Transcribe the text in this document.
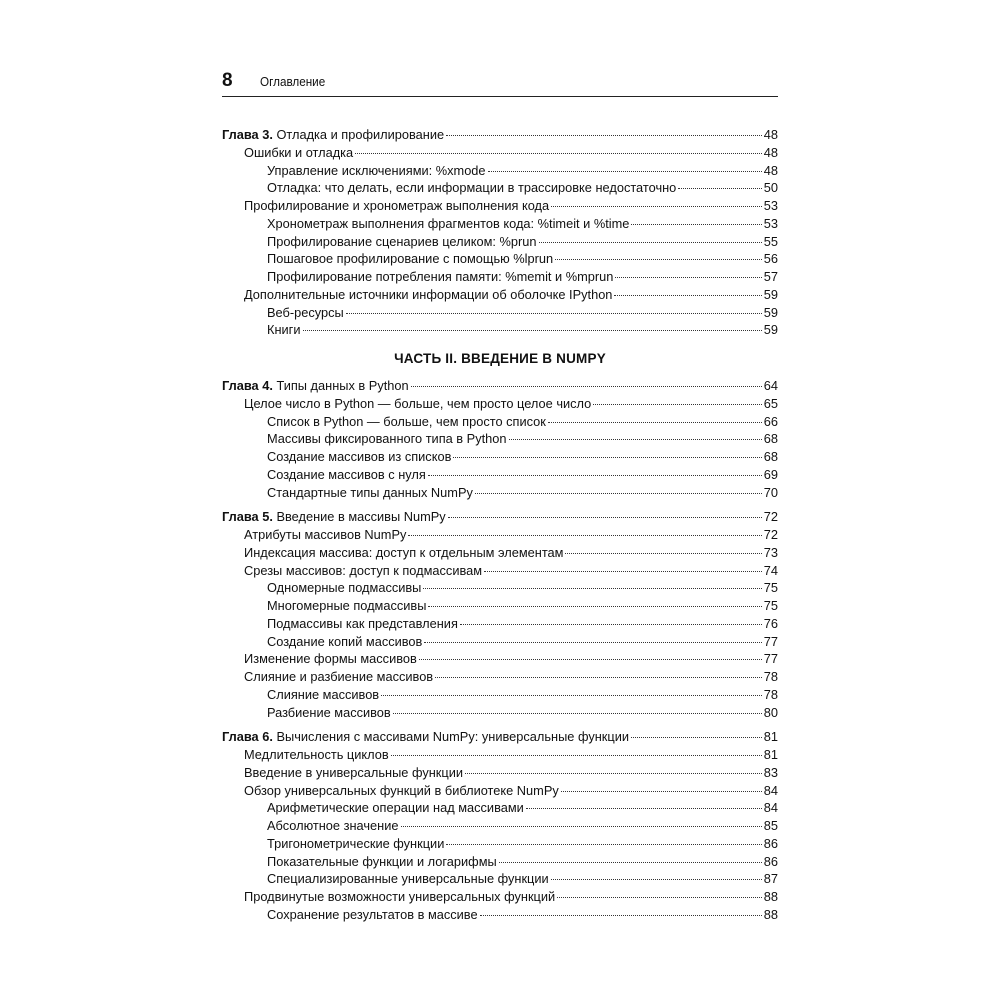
8 Оглавление
Глава 3. Отладка и профилирование	48
Ошибки и отладка	48
Управление исключениями: %xmode	48
Отладка: что делать, если информации в трассировке недостаточно	50
Профилирование и хронометраж выполнения кода	53
Хронометраж выполнения фрагментов кода: %timeit и %time	53
Профилирование сценариев целиком: %prun	55
Пошаговое профилирование с помощью %lprun	56
Профилирование потребления памяти: %memit и %mprun	57
Дополнительные источники информации об оболочке IPython	59
Веб-ресурсы	59
Книги	59
ЧАСТЬ II. ВВЕДЕНИЕ В NUMPY
Глава 4. Типы данных в Python	64
Целое число в Python — больше, чем просто целое число	65
Список в Python — больше, чем просто список	66
Массивы фиксированного типа в Python	68
Создание массивов из списков	68
Создание массивов с нуля	69
Стандартные типы данных NumPy	70
Глава 5. Введение в массивы NumPy	72
Атрибуты массивов NumPy	72
Индексация массива: доступ к отдельным элементам	73
Срезы массивов: доступ к подмассивам	74
Одномерные подмассивы	75
Многомерные подмассивы	75
Подмассивы как представления	76
Создание копий массивов	77
Изменение формы массивов	77
Слияние и разбиение массивов	78
Слияние массивов	78
Разбиение массивов	80
Глава 6. Вычисления с массивами NumPy: универсальные функции	81
Медлительность циклов	81
Введение в универсальные функции	83
Обзор универсальных функций в библиотеке NumPy	84
Арифметические операции над массивами	84
Абсолютное значение	85
Тригонометрические функции	86
Показательные функции и логарифмы	86
Специализированные универсальные функции	87
Продвинутые возможности универсальных функций	88
Сохранение результатов в массиве	88
